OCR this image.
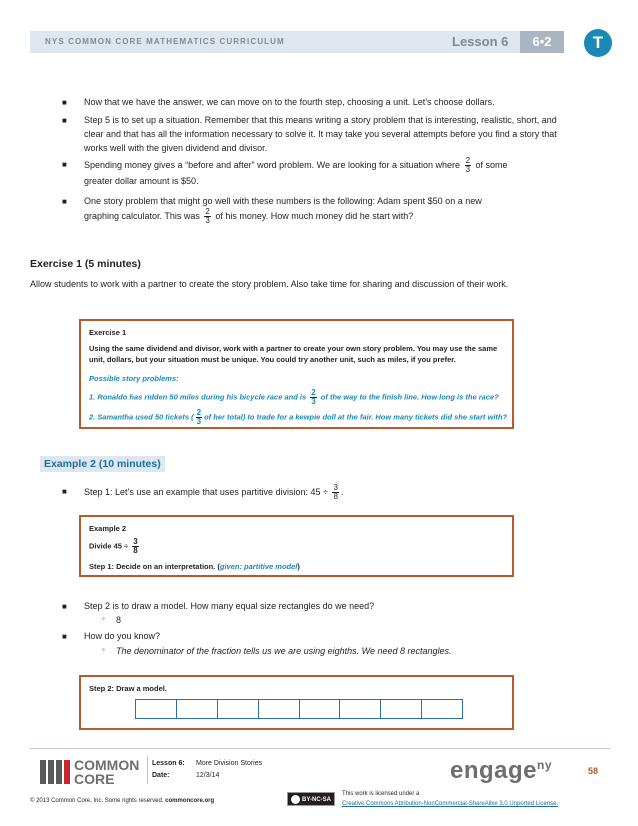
NYS COMMON CORE MATHEMATICS CURRICULUM	Lesson 6	6•2	T
■ Now that we have the answer, we can move on to the fourth step, choosing a unit. Let’s choose dollars.
■ Step 5 is to set up a situation. Remember that this means writing a story problem that is interesting, realistic, short, and clear and that has all the information necessary to solve it. It may take you several attempts before you find a story that works well with the given dividend and divisor.
■ Spending money gives a “before and after” word problem. We are looking for a situation where $\frac{2}{3}$ of some
greater dollar amount is $50.
■ One story problem that might go well with these numbers is the following: Adam spent $50 on a new
graphing calculator. This was $\frac{2}{3}$ of his money. How much money did he start with?
Exercise 1 (5 minutes)
Allow students to work with a partner to create the story problem. Also take time for sharing and discussion of their work.
Exercise 1
Using the same dividend and divisor, work with a partner to create your own story problem. You may use the same unit, dollars, but your situation must be unique. You could try another unit, such as miles, if you prefer.
Possible story problems:
1. Ronaldo has ridden 50 miles during his bicycle race and is $\frac{2}{3}$ of the way to the finish line. How long is the race?
2. Samantha used 50 tickets ( $\frac{2}{3}$ of her total) to trade for a kewpie doll at the fair. How many tickets did she start with?
Example 2 (10 minutes)
■ Step 1: Let’s use an example that uses partitive division: $45 \div \frac{3}{8}$ .
Example 2
Divide $45 \div \frac{3}{8}$
Step 1: Decide on an interpretation. (given: partitive model)
■ Step 2 is to draw a model. How many equal size rectangles do we need?
◦ 8
■ How do you know?
◦ The denominator of the fraction tells us we are using eighths. We need 8 rectangles.
Step 2: Draw a model.
COMMON
CORE
Lesson 6: More Division Stories
Date:	12/3/14	engage$^{ny}$	58
© 2013 Common Core, Inc. Some rights reserved. commoncore.org	BY-NC-SA
This work is licensed under a
Creative Commons Attribution-NonCommercial-ShareAlike 3.0 Unported License.
